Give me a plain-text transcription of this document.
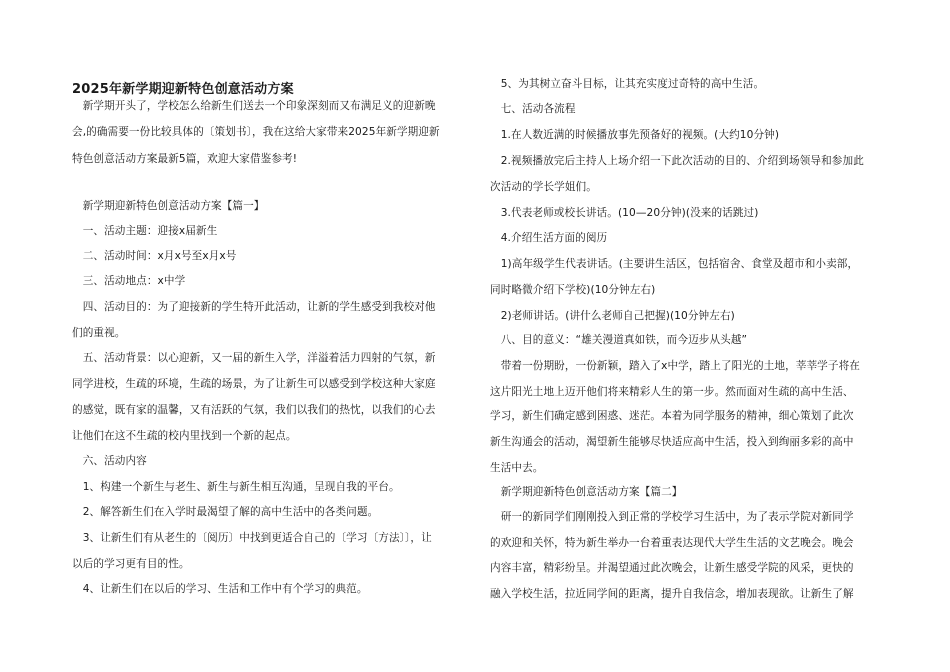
2025年新学期迎新特色创意活动方案
　新学期开头了，学校怎么给新生们送去一个印象深刻而又布满足义的迎新晚
会,的确需要一份比较具体的〔策划书〕，我在这给大家带来2025年新学期迎新
特色创意活动方案最新5篇，欢迎大家借鉴参考!
　新学期迎新特色创意活动方案【篇一】
　一、活动主题：迎接x届新生
　二、活动时间：x月x号至x月x号
　三、活动地点：x中学
　四、活动目的：为了迎接新的学生特开此活动，让新的学生感受到我校对他
们的重视。
　五、活动背景：以心迎新，又一届的新生入学，洋溢着活力四射的气氛，新
同学进校，生疏的环境，生疏的场景，为了让新生可以感受到学校这种大家庭
的感觉，既有家的温馨，又有活跃的气氛，我们以我们的热忱，以我们的心去
让他们在这不生疏的校内里找到一个新的起点。
　六、活动内容
　1、构建一个新生与老生、新生与新生相互沟通，呈现自我的平台。
　2、解答新生们在入学时最渴望了解的高中生活中的各类问题。
　3、让新生们有从老生的〔阅历〕中找到更适合自己的〔学习〔方法〕〕，让
以后的学习更有目的性。
　4、让新生们在以后的学习、生活和工作中有个学习的典范。
　5、为其树立奋斗目标，让其充实度过奇特的高中生活。
　七、活动各流程
　1.在人数近满的时候播放事先预备好的视频。(大约10分钟)
　2.视频播放完后主持人上场介绍一下此次活动的目的、介绍到场领导和参加此
次活动的学长学姐们。
　3.代表老师或校长讲话。(10—20分钟)(没来的话跳过)
　4.介绍生活方面的阅历
　1)高年级学生代表讲话。(主要讲生活区，包括宿舍、食堂及超市和小卖部，
同时略微介绍下学校)(10分钟左右)
　2)老师讲话。(讲什么老师自己把握)(10分钟左右)
　八、目的意义：“雄关漫道真如铁，而今迈步从头越”
　带着一份期盼，一份新颖，踏入了x中学，踏上了阳光的土地，莘莘学子将在
这片阳光土地上迈开他们将来精彩人生的第一步。然而面对生疏的高中生活、
学习，新生们确定感到困惑、迷茫。本着为同学服务的精神，细心策划了此次
新生沟通会的活动，渴望新生能够尽快适应高中生活，投入到绚丽多彩的高中
生活中去。
　新学期迎新特色创意活动方案【篇二】
　研一的新同学们刚刚投入到正常的学校学习生活中，为了表示学院对新同学
的欢迎和关怀，特为新生举办一台着重表达现代大学生生活的文艺晚会。晚会
内容丰富，精彩纷呈。并渴望通过此次晚会，让新生感受学院的风采，更快的
融入学校生活，拉近同学间的距离，提升自我信念，增加表现欲。让新生了解
